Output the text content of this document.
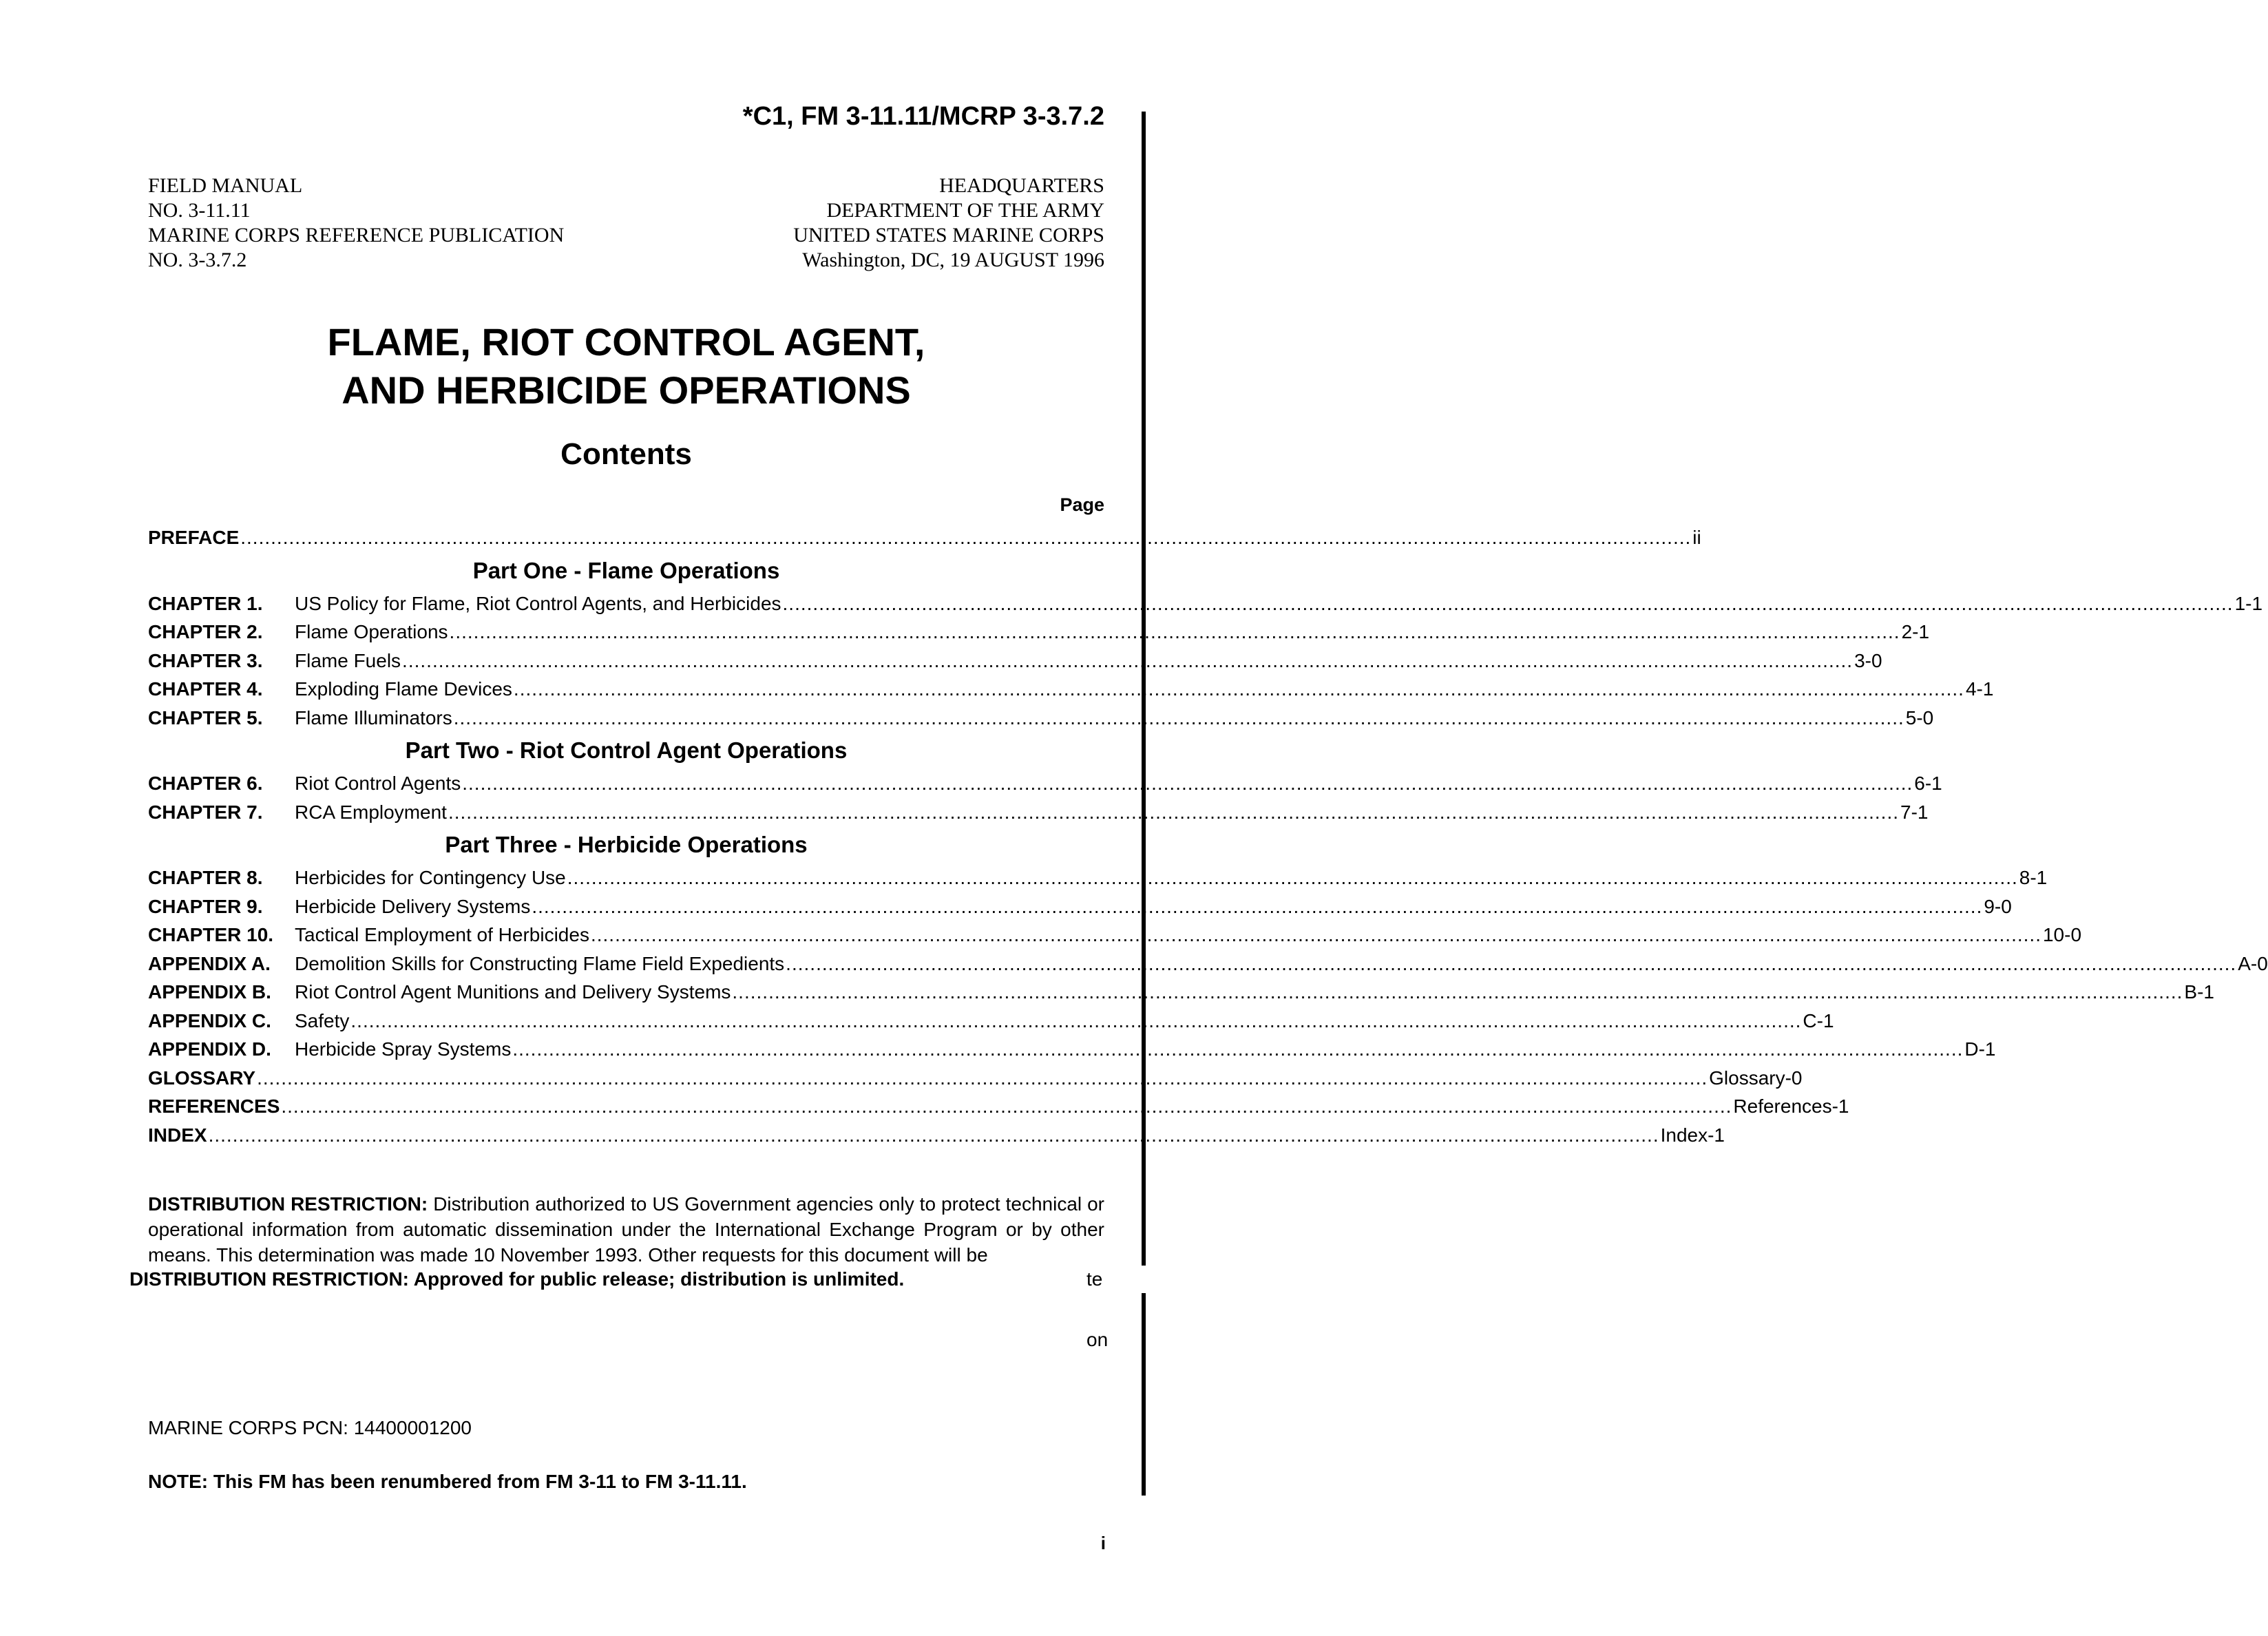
*C1, FM 3-11.11/MCRP 3-3.7.2
FIELD MANUAL
NO. 3-11.11
MARINE CORPS REFERENCE PUBLICATION
NO. 3-3.7.2
HEADQUARTERS
DEPARTMENT OF THE ARMY
UNITED STATES MARINE CORPS
Washington, DC, 19 AUGUST 1996
FLAME, RIOT CONTROL AGENT,
AND HERBICIDE OPERATIONS
Contents
Page
PREFACE .....	ii
Part One - Flame Operations
CHAPTER 1.	US Policy for Flame, Riot Control Agents, and Herbicides .....	1-1
CHAPTER 2.	Flame Operations .....	2-1
CHAPTER 3.	Flame Fuels .....	3-0
CHAPTER 4.	Exploding Flame Devices .....	4-1
CHAPTER 5.	Flame Illuminators .....	5-0
Part Two - Riot Control Agent Operations
CHAPTER 6.	Riot Control Agents .....	6-1
CHAPTER 7.	RCA Employment .....	7-1
Part Three - Herbicide Operations
CHAPTER 8.	Herbicides for Contingency Use .....	8-1
CHAPTER 9.	Herbicide Delivery Systems .....	9-0
CHAPTER 10.	Tactical Employment of Herbicides .....	10-0
APPENDIX A.	Demolition Skills for Constructing Flame Field Expedients .....	A-0
APPENDIX B.	Riot Control Agent Munitions and Delivery Systems .....	B-1
APPENDIX C.	Safety .....	C-1
APPENDIX D.	Herbicide Spray Systems .....	D-1
GLOSSARY .....	Glossary-0
REFERENCES .....	References-1
INDEX .....	Index-1
DISTRIBUTION RESTRICTION: Distribution authorized to US Government agencies only to protect technical or operational information from automatic dissemination under the International Exchange Program or by other means. This determination was made 10 November 1993. Other requests for this document will be
DISTRIBUTION RESTRICTION: Approved for public release; distribution is unlimited.	te
on
MARINE CORPS PCN: 14400001200
NOTE: This FM has been renumbered from FM 3-11 to FM 3-11.11.
i
